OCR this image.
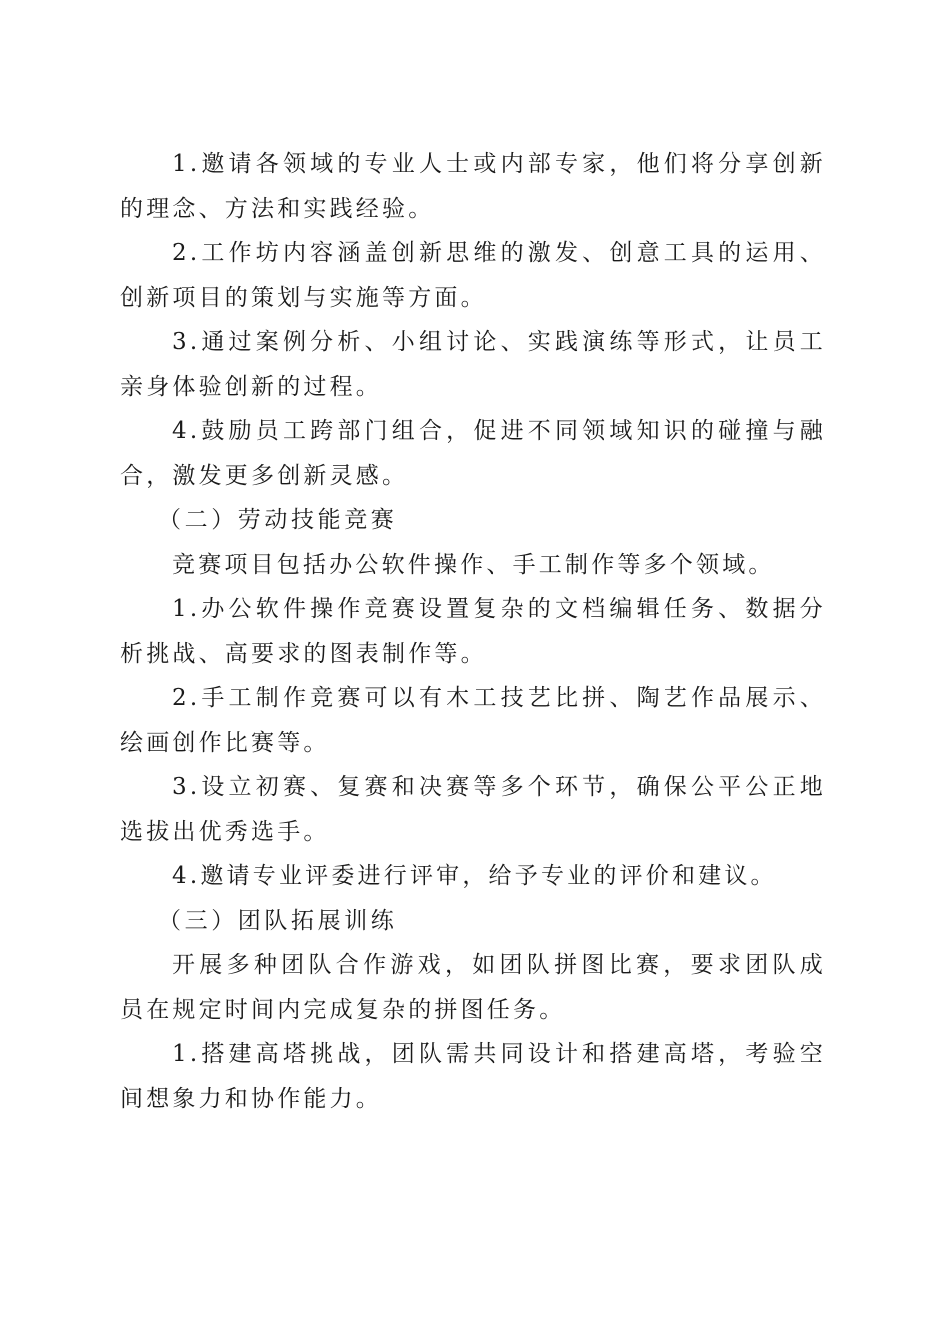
1.邀请各领域的专业人士或内部专家，他们将分享创新的理念、方法和实践经验。

2.工作坊内容涵盖创新思维的激发、创意工具的运用、创新项目的策划与实施等方面。

3.通过案例分析、小组讨论、实践演练等形式，让员工亲身体验创新的过程。

4.鼓励员工跨部门组合，促进不同领域知识的碰撞与融合，激发更多创新灵感。

（二）劳动技能竞赛

竞赛项目包括办公软件操作、手工制作等多个领域。

1.办公软件操作竞赛设置复杂的文档编辑任务、数据分析挑战、高要求的图表制作等。

2.手工制作竞赛可以有木工技艺比拼、陶艺作品展示、绘画创作比赛等。

3.设立初赛、复赛和决赛等多个环节，确保公平公正地选拔出优秀选手。

4.邀请专业评委进行评审，给予专业的评价和建议。

（三）团队拓展训练

开展多种团队合作游戏，如团队拼图比赛，要求团队成员在规定时间内完成复杂的拼图任务。

1.搭建高塔挑战，团队需共同设计和搭建高塔，考验空间想象力和协作能力。
